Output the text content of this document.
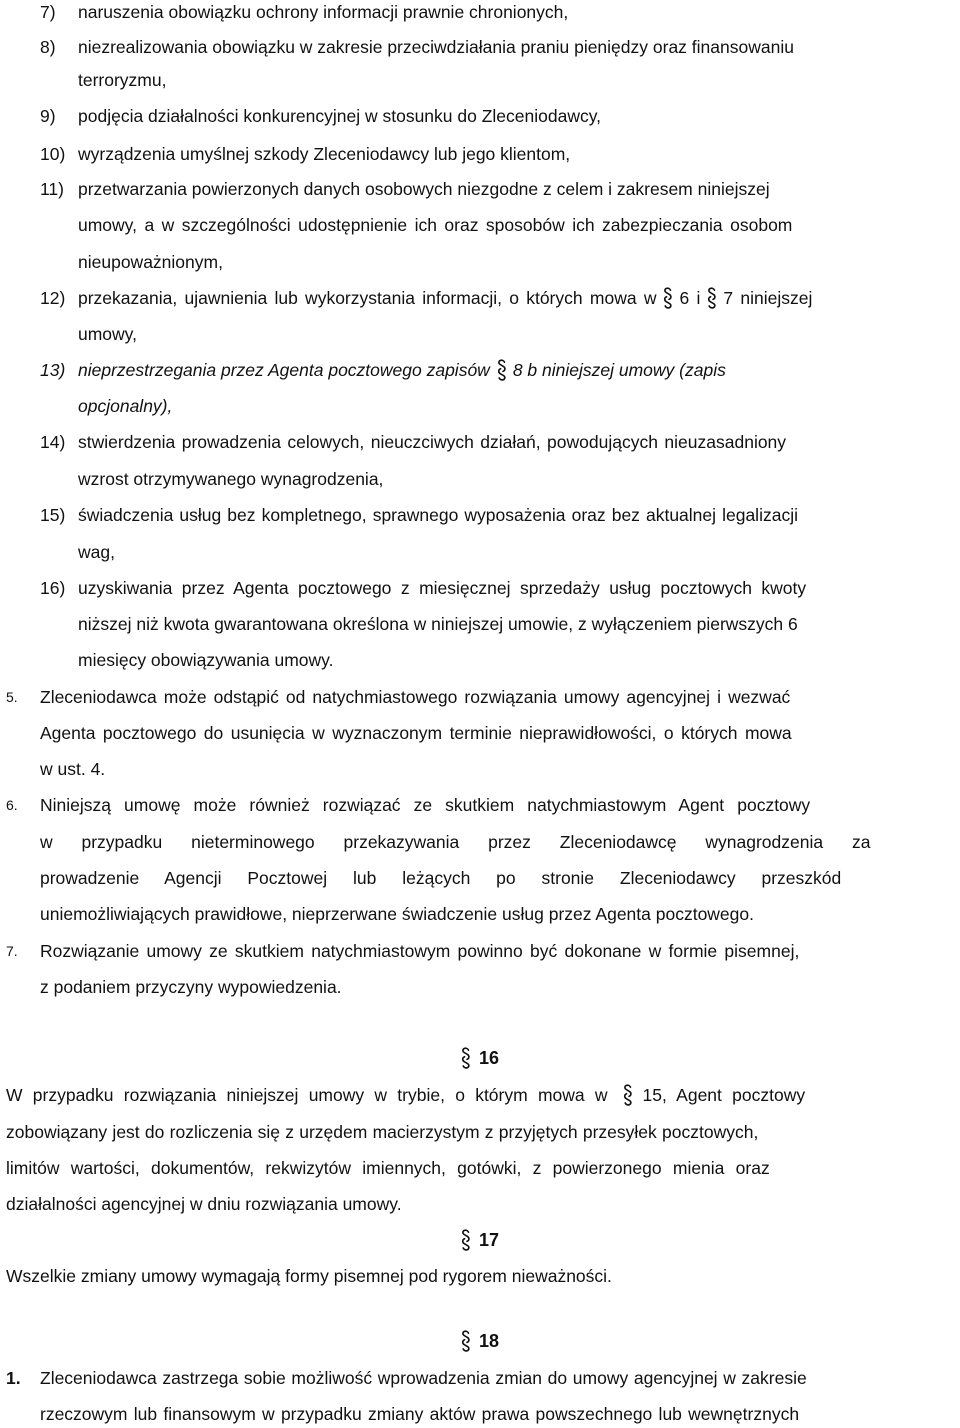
7) naruszenia obowiązku ochrony informacji prawnie chronionych,

8) niezrealizowania obowiązku w zakresie przeciwdziałania praniu pieniędzy oraz finansowaniu

terroryzmu,

9) podjęcia działalności konkurencyjnej w stosunku do Zleceniodawcy,

10) wyrządzenia umyślnej szkody Zleceniodawcy lub jego klientom,

11) przetwarzania powierzonych danych osobowych niezgodne z celem i zakresem niniejszej

umowy, a w szczególności udostępnienie ich oraz sposobów ich zabezpieczania osobom

nieupoważnionym,

12) przekazania, ujawnienia lub wykorzystania informacji, o których mowa w 6 i 7 niniejszej

umowy,

13) nieprzestrzegania przez Agenta pocztowego zapisów 8 b niniejszej umowy (zapis

opcjonalny),

14) stwierdzenia prowadzenia celowych, nieuczciwych działań, powodujących nieuzasadniony

wzrost otrzymywanego wynagrodzenia,

15) świadczenia usług bez kompletnego, sprawnego wyposażenia oraz bez aktualnej legalizacji

wag,

16) uzyskiwania przez Agenta pocztowego z miesięcznej sprzedaży usług pocztowych kwoty

niższej niż kwota gwarantowana określona w niniejszej umowie, z wyłączeniem pierwszych 6

miesięcy obowiązywania umowy.

5. Zleceniodawca może odstąpić od natychmiastowego rozwiązania umowy agencyjnej i wezwać

Agenta pocztowego do usunięcia w wyznaczonym terminie nieprawidłowości, o których mowa

w ust. 4.

6. Niniejszą umowę może również rozwiązać ze skutkiem natychmiastowym Agent pocztowy

w przypadku nieterminowego przekazywania przez Zleceniodawcę wynagrodzenia za

prowadzenie Agencji Pocztowej lub leżących po stronie Zleceniodawcy przeszkód

uniemożliwiających prawidłowe, nieprzerwane świadczenie usług przez Agenta pocztowego.

7. Rozwiązanie umowy ze skutkiem natychmiastowym powinno być dokonane w formie pisemnej,

z podaniem przyczyny wypowiedzenia.

16

W przypadku rozwiązania niniejszej umowy w trybie, o którym mowa w 15, Agent pocztowy

zobowiązany jest do rozliczenia się z urzędem macierzystym z przyjętych przesyłek pocztowych,

limitów wartości, dokumentów, rekwizytów imiennych, gotówki, z powierzonego mienia oraz

działalności agencyjnej w dniu rozwiązania umowy.

17

Wszelkie zmiany umowy wymagają formy pisemnej pod rygorem nieważności.

18

1. Zleceniodawca zastrzega sobie możliwość wprowadzenia zmian do umowy agencyjnej w zakresie

rzeczowym lub finansowym w przypadku zmiany aktów prawa powszechnego lub wewnętrznych
